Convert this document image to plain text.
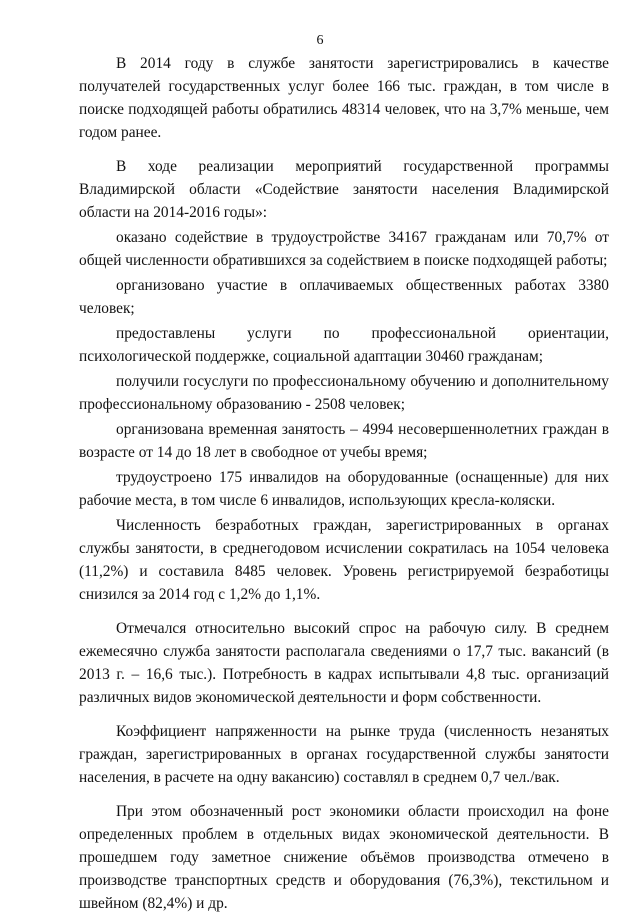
6

В 2014 году в службе занятости зарегистрировались в качестве получателей государственных услуг более 166 тыс. граждан, в том числе в поиске подходящей работы обратились 48314 человек, что на 3,7% меньше, чем годом ранее.

В ходе реализации мероприятий государственной программы Владимирской области «Содействие занятости населения Владимирской области на 2014-2016 годы»:

оказано содействие в трудоустройстве 34167 гражданам или 70,7% от общей численности обратившихся за содействием в поиске подходящей работы;

организовано участие в оплачиваемых общественных работах 3380 человек;

предоставлены услуги по профессиональной ориентации, психологической поддержке, социальной адаптации 30460 гражданам;

получили госуслуги по профессиональному обучению и дополнительному профессиональному образованию - 2508 человек;

организована временная занятость – 4994 несовершеннолетних граждан в возрасте от 14 до 18 лет в свободное от учебы время;

трудоустроено 175 инвалидов на оборудованные (оснащенные) для них рабочие места, в том числе 6 инвалидов, использующих кресла-коляски.

Численность безработных граждан, зарегистрированных в органах службы занятости, в среднегодовом исчислении сократилась на 1054 человека (11,2%) и составила 8485 человек. Уровень регистрируемой безработицы снизился за 2014 год с 1,2% до 1,1%.

Отмечался относительно высокий спрос на рабочую силу. В среднем ежемесячно служба занятости располагала сведениями о 17,7 тыс. вакансий (в 2013 г. – 16,6 тыс.). Потребность в кадрах испытывали 4,8 тыс. организаций различных видов экономической деятельности и форм собственности.

Коэффициент напряженности на рынке труда (численность незанятых граждан, зарегистрированных в органах государственной службы занятости населения, в расчете на одну вакансию) составлял в среднем 0,7 чел./вак.

При этом обозначенный рост экономики области происходил на фоне определенных проблем в отдельных видах экономической деятельности. В прошедшем году заметное снижение объёмов производства отмечено в производстве транспортных средств и оборудования (76,3%), текстильном и швейном (82,4%) и др.
